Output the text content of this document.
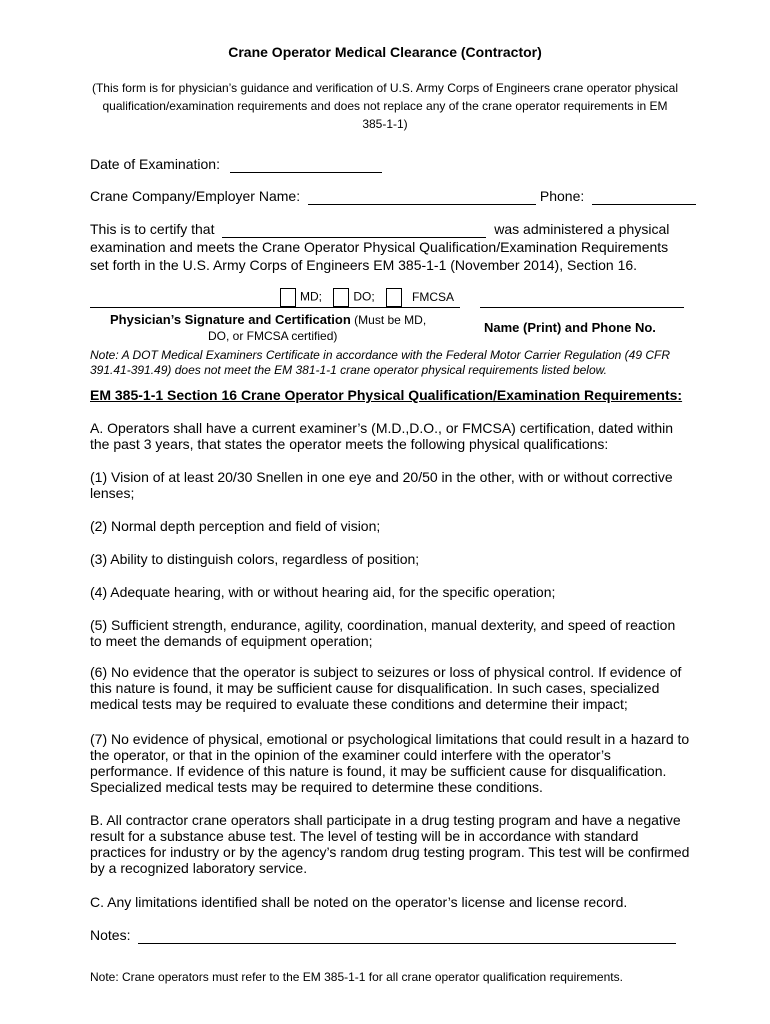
Crane Operator Medical Clearance (Contractor)
(This form is for physician’s guidance and verification of U.S. Army Corps of Engineers crane operator physical qualification/examination requirements and does not replace any of the crane operator requirements in EM 385-1-1)
Date of Examination:
Crane Company/Employer Name:	Phone:
This is to certify that	was administered a physical
examination and meets the Crane Operator Physical Qualification/Examination Requirements
set forth in the U.S. Army Corps of Engineers EM 385-1-1 (November 2014), Section 16.
MD;	DO;	FMCSA
Physician’s Signature and Certification (Must be MD,
DO, or FMCSA certified)
Name (Print) and Phone No.
Note: A DOT Medical Examiners Certificate in accordance with the Federal Motor Carrier Regulation (49 CFR 391.41-391.49) does not meet the EM 381-1-1 crane operator physical requirements listed below.
EM 385-1-1 Section 16 Crane Operator Physical Qualification/Examination Requirements:
A. Operators shall have a current examiner’s (M.D.,D.O., or FMCSA) certification, dated within the past 3 years, that states the operator meets the following physical qualifications:
(1) Vision of at least 20/30 Snellen in one eye and 20/50 in the other, with or without corrective lenses;
(2) Normal depth perception and field of vision;
(3) Ability to distinguish colors, regardless of position;
(4) Adequate hearing, with or without hearing aid, for the specific operation;
(5) Sufficient strength, endurance, agility, coordination, manual dexterity, and speed of reaction to meet the demands of equipment operation;
(6) No evidence that the operator is subject to seizures or loss of physical control. If evidence of this nature is found, it may be sufficient cause for disqualification. In such cases, specialized medical tests may be required to evaluate these conditions and determine their impact;
(7) No evidence of physical, emotional or psychological limitations that could result in a hazard to the operator, or that in the opinion of the examiner could interfere with the operator’s performance. If evidence of this nature is found, it may be sufficient cause for disqualification. Specialized medical tests may be required to determine these conditions.
B. All contractor crane operators shall participate in a drug testing program and have a negative result for a substance abuse test. The level of testing will be in accordance with standard practices for industry or by the agency’s random drug testing program. This test will be confirmed by a recognized laboratory service.
C. Any limitations identified shall be noted on the operator’s license and license record.
Notes:
Note: Crane operators must refer to the EM 385-1-1 for all crane operator qualification requirements.
